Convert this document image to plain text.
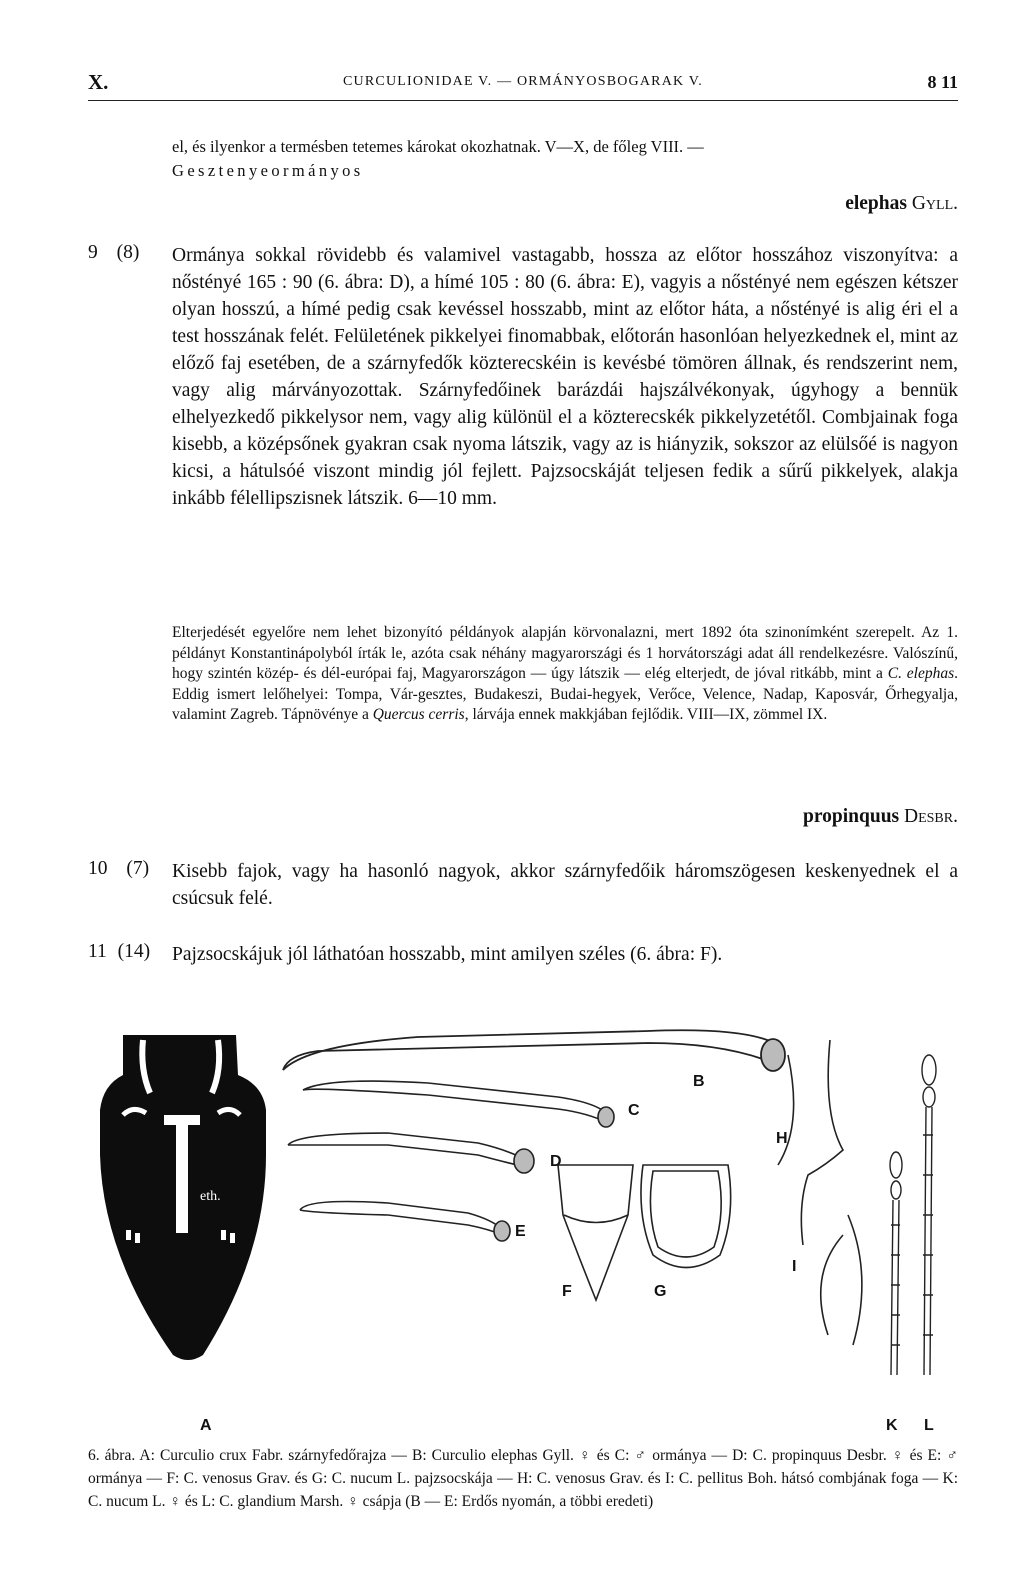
X.	CURCULIONIDAE V. — ORMÁNYOSBOGARAK V.	8 11
el, és ilyenkor a termésben tetemes károkat okozhatnak. V—X, de főleg VIII. —
Gesztenyeormányos
elephas Gyll.
9 (8) Ormánya sokkal rövidebb és valamivel vastagabb, hossza az előtor hosszához viszonyítva: a nőstényé 165 : 90 (6. ábra: D), a hímé 105 : 80 (6. ábra: E), vagyis a nőstényé nem egészen kétszer olyan hosszú, a hímé pedig csak kevéssel hosszabb, mint az előtor háta, a nőstényé is alig éri el a test hosszának felét. Felületének pikkelyei finomabbak, előtorán hasonlóan helyezkednek el, mint az előző faj esetében, de a szárnyfedők közterecskéin is kevésbé tömören állnak, és rendszerint nem, vagy alig márványozottak. Szárnyfedőinek barázdái hajszálvékonyak, úgyhogy a bennük elhelyezkedő pikkelysor nem, vagy alig különül el a közterecskék pikkelyzetétől. Combjainak foga kisebb, a középsőnek gyakran csak nyoma látszik, vagy az is hiányzik, sokszor az elülsőé is nagyon kicsi, a hátulsóé viszont mindig jól fejlett. Pajzsocskáját teljesen fedik a sűrű pikkelyek, alakja inkább félellipszisnek látszik. 6—10 mm.
Elterjedését egyelőre nem lehet bizonyító példányok alapján körvonalazni, mert 1892 óta szinonímként szerepelt. Az 1. példányt Konstantinápolyból írták le, azóta csak néhány magyarországi és 1 horvátországi adat áll rendelkezésre. Valószínű, hogy szintén közép- és dél-európai faj, Magyarországon — úgy látszik — elég elterjedt, de jóval ritkább, mint a C. elephas. Eddig ismert lelőhelyei: Tompa, Vár-gesztes, Budakeszi, Budai-hegyek, Verőce, Velence, Nadap, Kaposvár, Őrhegyalja, valamint Zagreb. Tápnövénye a Quercus cerris, lárvája ennek makkjában fejlődik. VIII—IX, zömmel IX.
propinquus Desbr.
10 (7) Kisebb fajok, vagy ha hasonló nagyok, akkor szárnyfedőik háromszögesen keskenyednek el a csúcsuk felé.
11 (14) Pajzsocskájuk jól láthatóan hosszabb, mint amilyen széles (6. ábra: F).
eth.
A
B
C
D
E
F	G
H
I
K L
6. ábra. A: Curculio crux Fabr. szárnyfedőrajza — B: Curculio elephas Gyll. ♀ és C: ♂ ormánya — D: C. propinquus Desbr. ♀ és E: ♂ ormánya — F: C. venosus Grav. és G: C. nucum L. pajzsocskája — H: C. venosus Grav. és I: C. pellitus Boh. hátsó combjának foga — K: C. nucum L. ♀ és L: C. glandium Marsh. ♀ csápja (B — E: Erdős nyomán, a többi eredeti)
